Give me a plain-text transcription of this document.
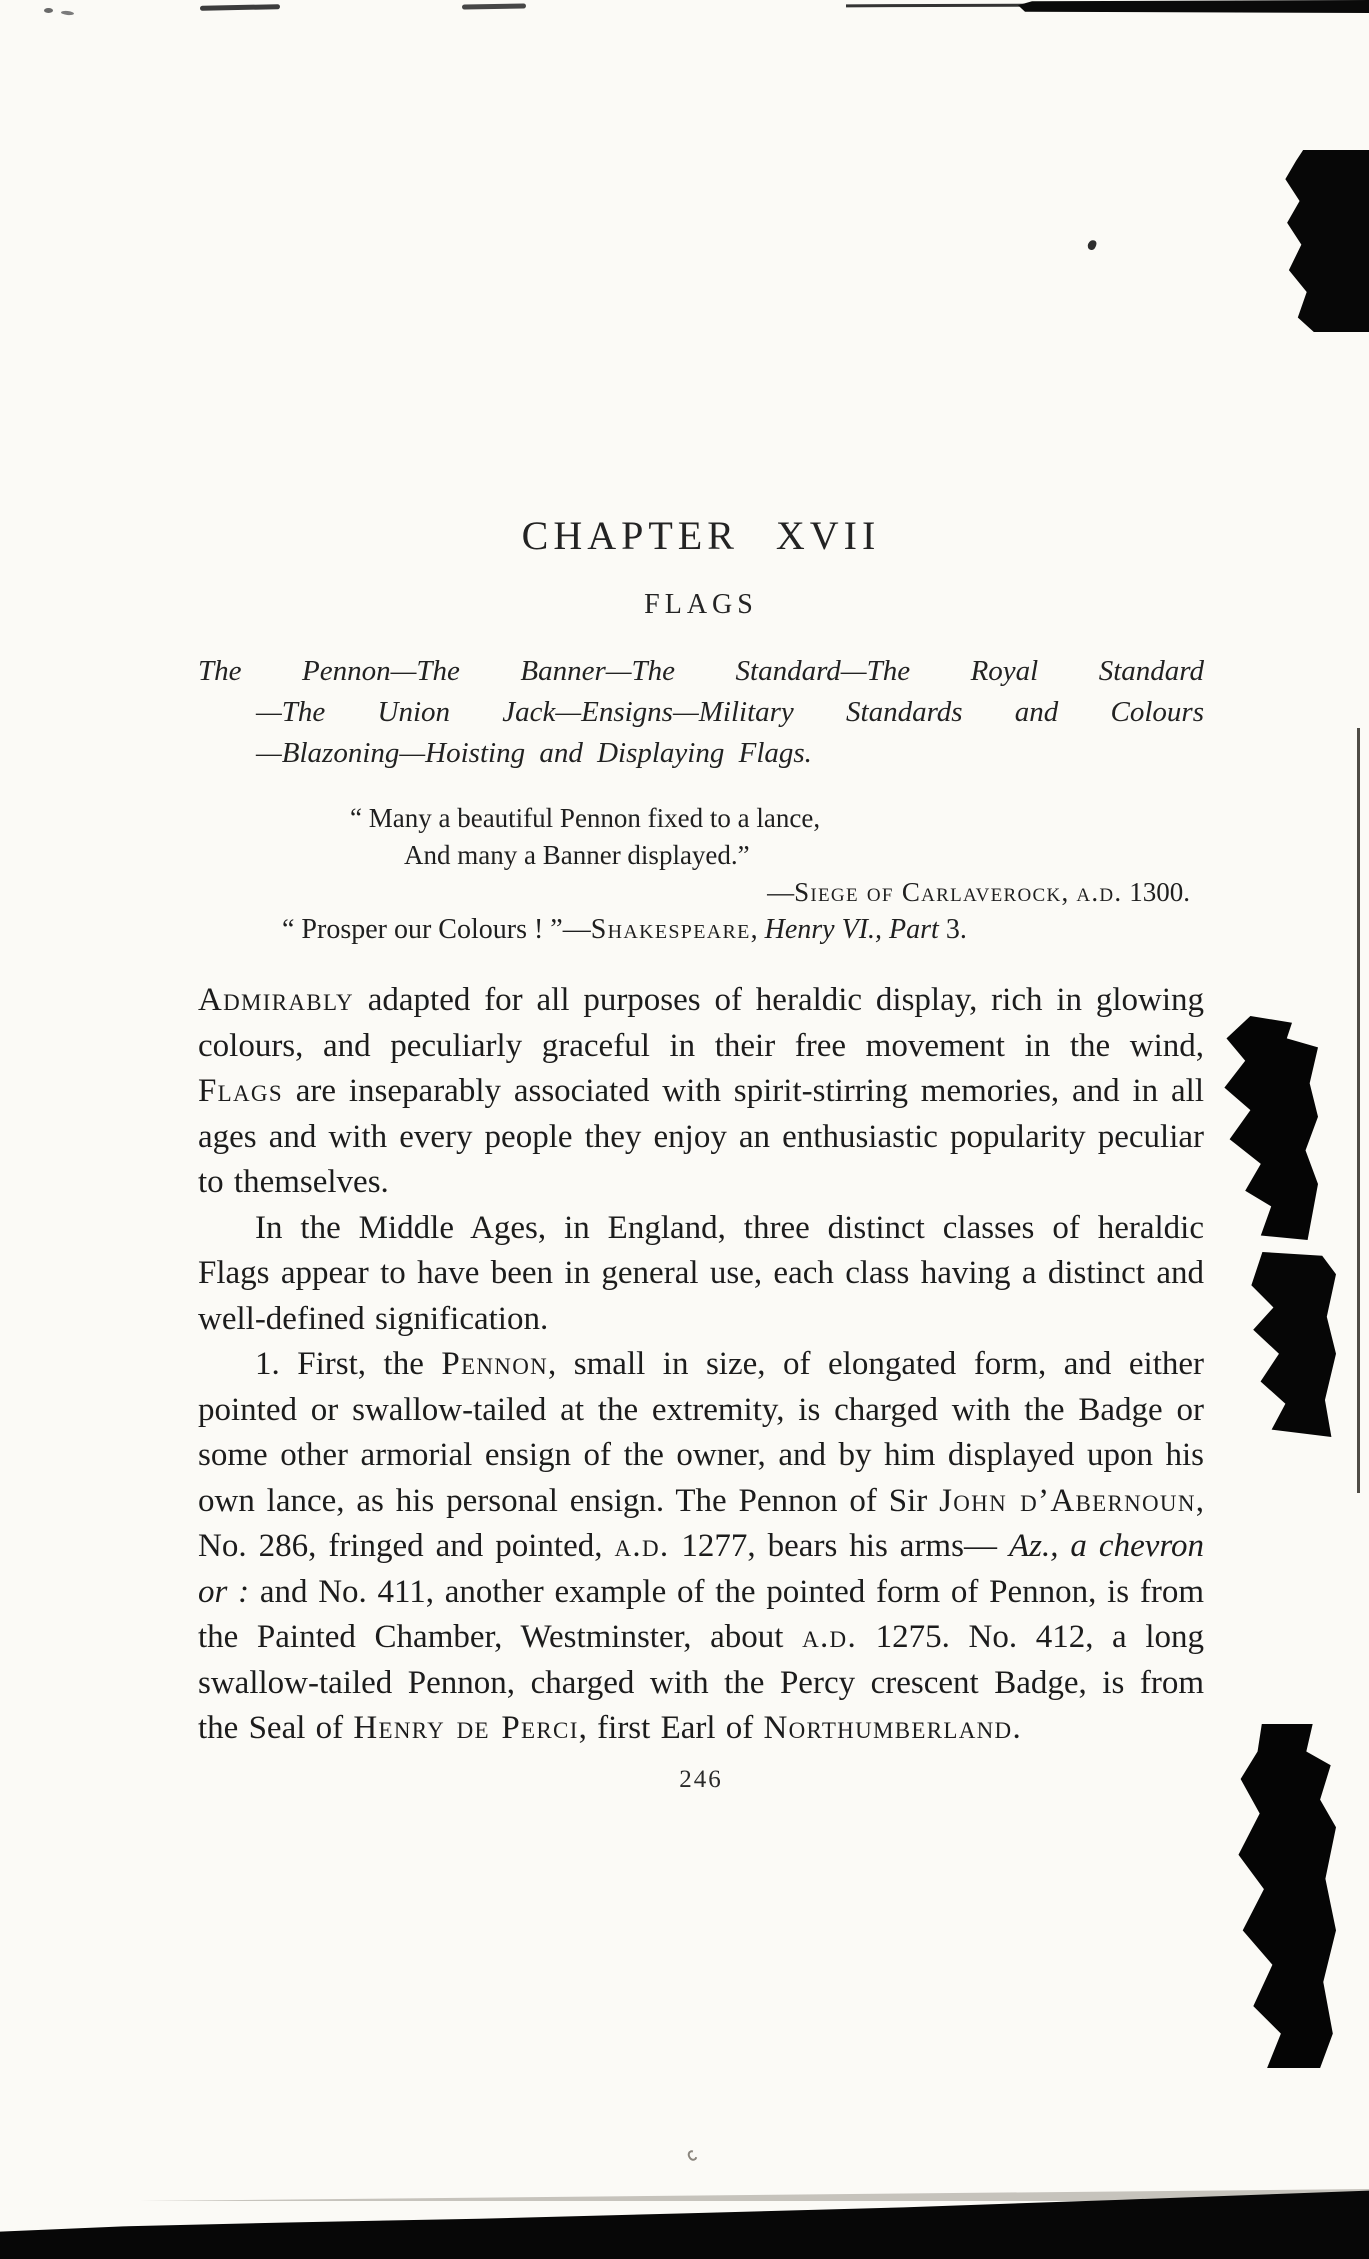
CHAPTER XVII
FLAGS
The Pennon—The Banner—The Standard—The Royal Standard
—The Union Jack—Ensigns—Military Standards and Colours
—Blazoning—Hoisting and Displaying Flags.
“ Many a beautiful Pennon fixed to a lance,
And many a Banner displayed.”
—Siege of Carlaverock, a.d. 1300.
“ Prosper our Colours ! ”—Shakespeare, Henry VI., Part 3.

Admirably adapted for all purposes of heraldic display, rich in glowing colours, and peculiarly graceful in their free movement in the wind, Flags are inseparably associated with spirit-stirring memories, and in all ages and with every people they enjoy an enthusiastic popularity peculiar to themselves.

In the Middle Ages, in England, three distinct classes of heraldic Flags appear to have been in general use, each class having a distinct and well-defined signification.

1. First, the Pennon, small in size, of elongated form, and either pointed or swallow-tailed at the extremity, is charged with the Badge or some other armorial ensign of the owner, and by him displayed upon his own lance, as his personal ensign. The Pennon of Sir John d’Abernoun, No. 286, fringed and pointed, a.d. 1277, bears his arms— Az., a chevron or : and No. 411, another example of the pointed form of Pennon, is from the Painted Chamber, Westminster, about a.d. 1275. No. 412, a long swallow-tailed Pennon, charged with the Percy crescent Badge, is from the Seal of Henry de Perci, first Earl of Northumberland.

246
